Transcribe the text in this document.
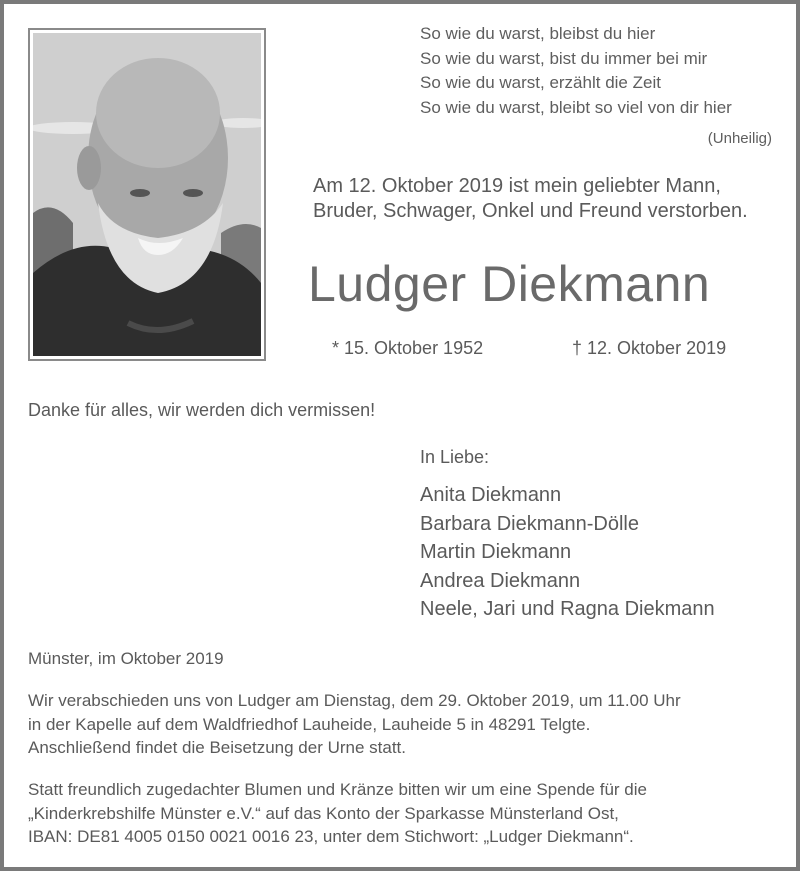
So wie du warst, bleibst du hier
So wie du warst, bist du immer bei mir
So wie du warst, erzählt die Zeit
So wie du warst, bleibt so viel von dir hier
(Unheilig)
Am 12. Oktober 2019 ist mein geliebter Mann,
Bruder, Schwager, Onkel und Freund verstorben.
Ludger Diekmann
* 15. Oktober 1952	† 12. Oktober 2019
Danke für alles, wir werden dich vermissen!
In Liebe:
Anita Diekmann
Barbara Diekmann-Dölle
Martin Diekmann
Andrea Diekmann
Neele, Jari und Ragna Diekmann
Münster, im Oktober 2019
Wir verabschieden uns von Ludger am Dienstag, dem 29. Oktober 2019, um 11.00 Uhr
in der Kapelle auf dem Waldfriedhof Lauheide, Lauheide 5 in 48291 Telgte.
Anschließend findet die Beisetzung der Urne statt.
Statt freundlich zugedachter Blumen und Kränze bitten wir um eine Spende für die
„Kinderkrebshilfe Münster e.V.“ auf das Konto der Sparkasse Münsterland Ost,
IBAN: DE81 4005 0150 0021 0016 23, unter dem Stichwort: „Ludger Diekmann“.
